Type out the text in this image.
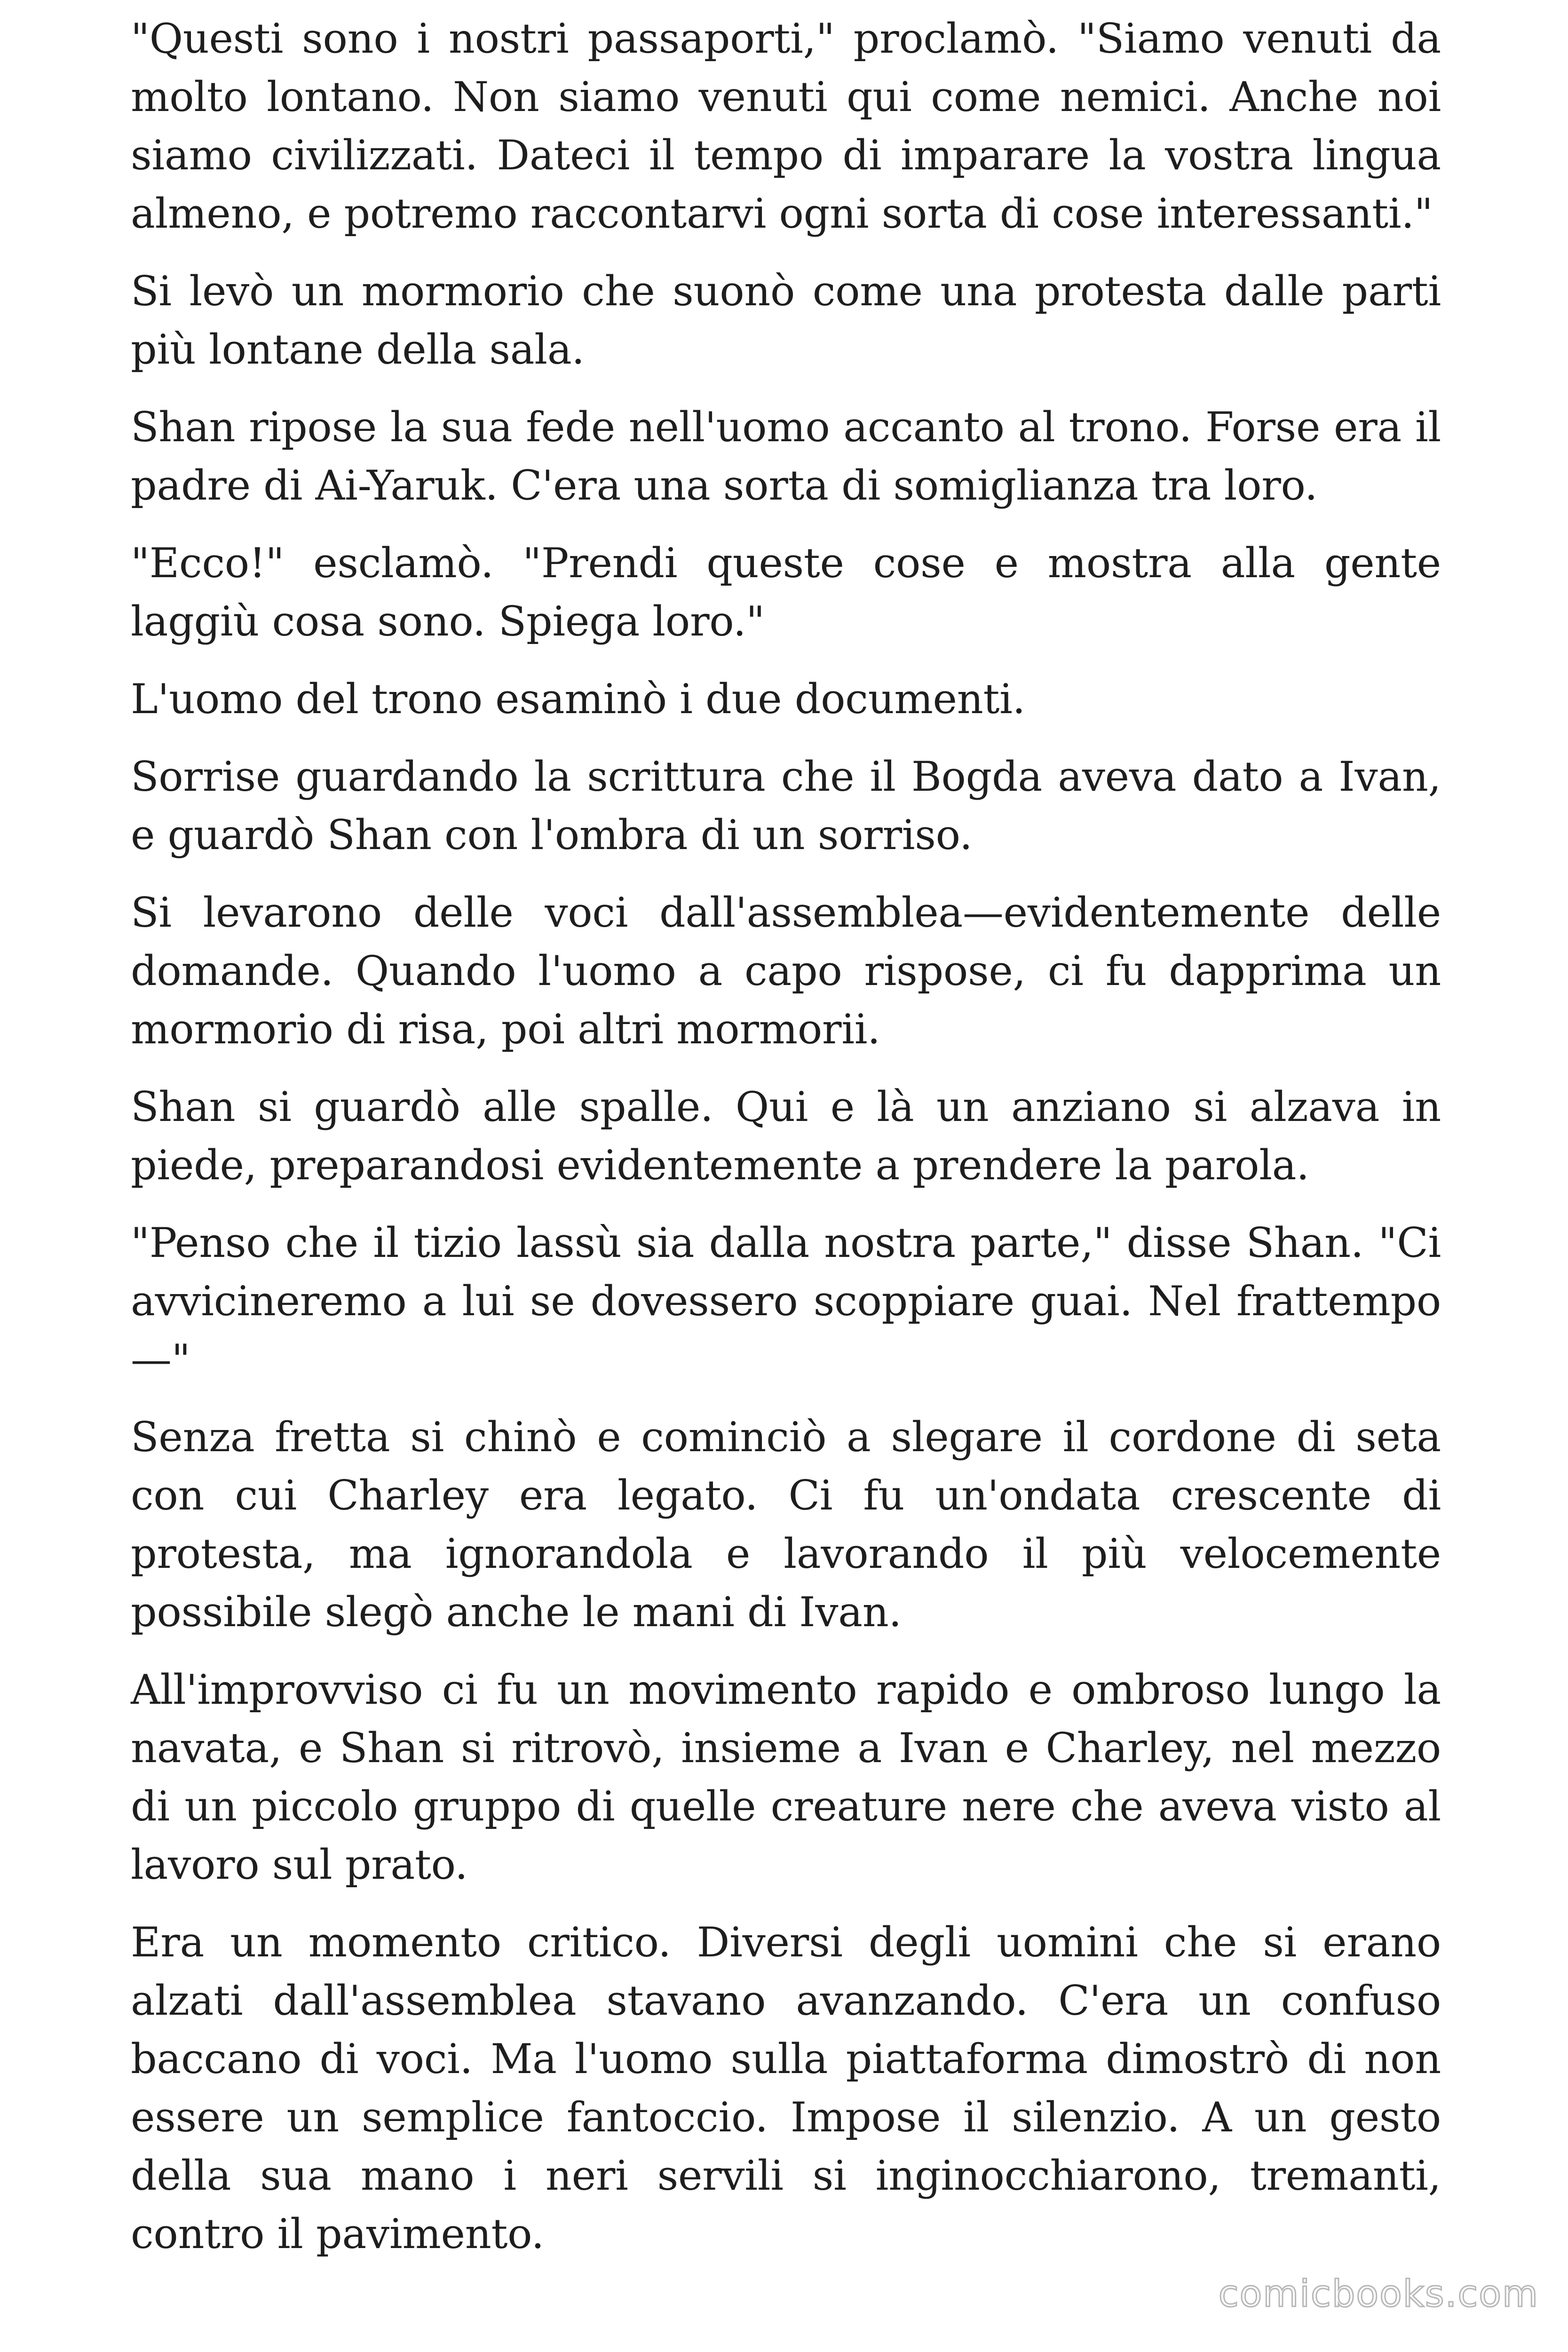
"Questi sono i nostri passaporti," proclamò. "Siamo venuti da molto lontano. Non siamo venuti qui come nemici. Anche noi siamo civilizzati. Dateci il tempo di imparare la vostra lingua almeno, e potremo raccontarvi ogni sorta di cose interessanti."

Si levò un mormorio che suonò come una protesta dalle parti più lontane della sala.

Shan ripose la sua fede nell'uomo accanto al trono. Forse era il padre di Ai-Yaruk. C'era una sorta di somiglianza tra loro.

"Ecco!" esclamò. "Prendi queste cose e mostra alla gente laggiù cosa sono. Spiega loro."

L'uomo del trono esaminò i due documenti.

Sorrise guardando la scrittura che il Bogda aveva dato a Ivan, e guardò Shan con l'ombra di un sorriso.

Si levarono delle voci dall'assemblea—evidentemente delle domande. Quando l'uomo a capo rispose, ci fu dapprima un mormorio di risa, poi altri mormorii.

Shan si guardò alle spalle. Qui e là un anziano si alzava in piede, preparandosi evidentemente a prendere la parola.

"Penso che il tizio lassù sia dalla nostra parte," disse Shan. "Ci avvicineremo a lui se dovessero scoppiare guai. Nel frattempo —"

Senza fretta si chinò e cominciò a slegare il cordone di seta con cui Charley era legato. Ci fu un'ondata crescente di protesta, ma ignorandola e lavorando il più velocemente possibile slegò anche le mani di Ivan.

All'improvviso ci fu un movimento rapido e ombroso lungo la navata, e Shan si ritrovò, insieme a Ivan e Charley, nel mezzo di un piccolo gruppo di quelle creature nere che aveva visto al lavoro sul prato.

Era un momento critico. Diversi degli uomini che si erano alzati dall'assemblea stavano avanzando. C'era un confuso baccano di voci. Ma l'uomo sulla piattaforma dimostrò di non essere un semplice fantoccio. Impose il silenzio. A un gesto della sua mano i neri servili si inginocchiarono, tremanti, contro il pavimento.

comicbooks.com
